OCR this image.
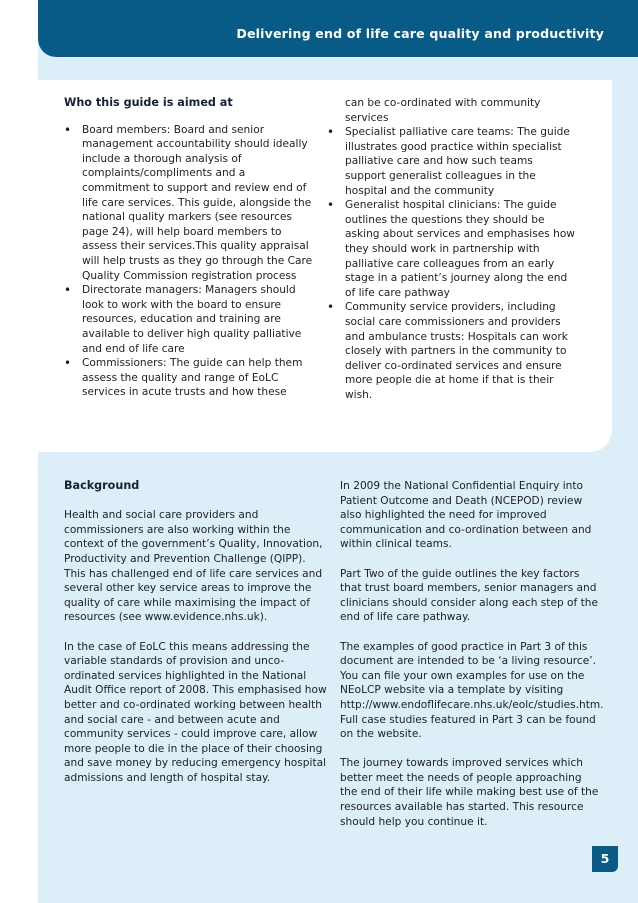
Delivering end of life care quality and productivity
Who this guide is aimed at
• Board members: Board and senior management accountability should ideally include a thorough analysis of complaints/compliments and a commitment to support and review end of life care services. This guide, alongside the national quality markers (see resources page 24), will help board members to assess their services.This quality appraisal will help trusts as they go through the Care Quality Commission registration process
• Directorate managers: Managers should look to work with the board to ensure resources, education and training are available to deliver high quality palliative and end of life care
• Commissioners: The guide can help them assess the quality and range of EoLC services in acute trusts and how these
can be co-ordinated with community services
• Specialist palliative care teams: The guide illustrates good practice within specialist palliative care and how such teams support generalist colleagues in the hospital and the community
• Generalist hospital clinicians: The guide outlines the questions they should be asking about services and emphasises how they should work in partnership with palliative care colleagues from an early stage in a patient’s journey along the end of life care pathway
• Community service providers, including social care commissioners and providers and ambulance trusts: Hospitals can work closely with partners in the community to deliver co-ordinated services and ensure more people die at home if that is their wish.
Background

Health and social care providers and commissioners are also working within the context of the government’s Quality, Innovation, Productivity and Prevention Challenge (QIPP). This has challenged end of life care services and several other key service areas to improve the quality of care while maximising the impact of resources (see www.evidence.nhs.uk).

In the case of EoLC this means addressing the variable standards of provision and unco-ordinated services highlighted in the National Audit Office report of 2008. This emphasised how better and co-ordinated working between health and social care - and between acute and community services - could improve care, allow more people to die in the place of their choosing and save money by reducing emergency hospital admissions and length of hospital stay.

In 2009 the National Confidential Enquiry into Patient Outcome and Death (NCEPOD) review also highlighted the need for improved communication and co-ordination between and within clinical teams.

Part Two of the guide outlines the key factors that trust board members, senior managers and clinicians should consider along each step of the end of life care pathway.

The examples of good practice in Part 3 of this document are intended to be ‘a living resource’. You can file your own examples for use on the NEoLCP website via a template by visiting http://www.endoflifecare.nhs.uk/eolc/studies.htm. Full case studies featured in Part 3 can be found on the website.

The journey towards improved services which better meet the needs of people approaching the end of their life while making best use of the resources available has started. This resource should help you continue it.

5
